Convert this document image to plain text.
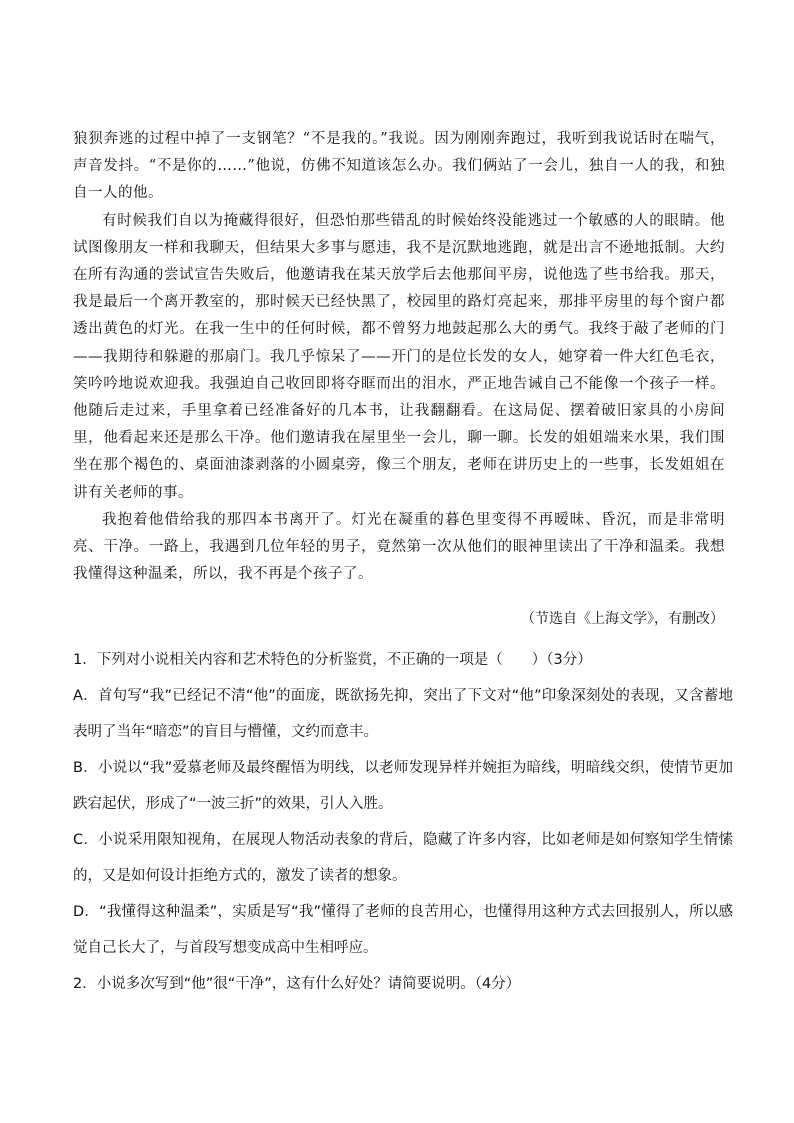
狼狈奔逃的过程中掉了一支钢笔？“不是我的。”我说。因为刚刚奔跑过，我听到我说话时在喘气，声音发抖。“不是你的……”他说，仿佛不知道该怎么办。我们俩站了一会儿，独自一人的我，和独自一人的他。

有时候我们自以为掩藏得很好，但恐怕那些错乱的时候始终没能逃过一个敏感的人的眼睛。他试图像朋友一样和我聊天，但结果大多事与愿违，我不是沉默地逃跑，就是出言不逊地抵制。大约在所有沟通的尝试宣告失败后，他邀请我在某天放学后去他那间平房，说他选了些书给我。那天，我是最后一个离开教室的，那时候天已经快黑了，校园里的路灯亮起来，那排平房里的每个窗户都透出黄色的灯光。在我一生中的任何时候，都不曾努力地鼓起那么大的勇气。我终于敲了老师的门——我期待和躲避的那扇门。我几乎惊呆了——开门的是位长发的女人，她穿着一件大红色毛衣，笑吟吟地说欢迎我。我强迫自己收回即将夺眶而出的泪水，严正地告诫自己不能像一个孩子一样。他随后走过来，手里拿着已经准备好的几本书，让我翻翻看。在这局促、摆着破旧家具的小房间里，他看起来还是那么干净。他们邀请我在屋里坐一会儿，聊一聊。长发的姐姐端来水果，我们围坐在那个褐色的、桌面油漆剥落的小圆桌旁，像三个朋友，老师在讲历史上的一些事，长发姐姐在讲有关老师的事。

我抱着他借给我的那四本书离开了。灯光在凝重的暮色里变得不再暧昧、昏沉，而是非常明亮、干净。一路上，我遇到几位年轻的男子，竟然第一次从他们的眼神里读出了干净和温柔。我想我懂得这种温柔，所以，我不再是个孩子了。

（节选自《上海文学》，有删改）

1．下列对小说相关内容和艺术特色的分析鉴赏，不正确的一项是（　　）（3分）

A．首句写“我”已经记不清“他”的面庞，既欲扬先抑，突出了下文对“他”印象深刻处的表现，又含蓄地表明了当年“暗恋”的盲目与懵懂，文约而意丰。

B．小说以“我”爱慕老师及最终醒悟为明线，以老师发现异样并婉拒为暗线，明暗线交织，使情节更加跌宕起伏，形成了“一波三折”的效果，引人入胜。

C．小说采用限知视角，在展现人物活动表象的背后，隐藏了许多内容，比如老师是如何察知学生情愫的，又是如何设计拒绝方式的，激发了读者的想象。

D．“我懂得这种温柔”，实质是写“我”懂得了老师的良苦用心，也懂得用这种方式去回报别人，所以感觉自己长大了，与首段写想变成高中生相呼应。

2．小说多次写到“他”很“干净”，这有什么好处？请简要说明。（4分）
